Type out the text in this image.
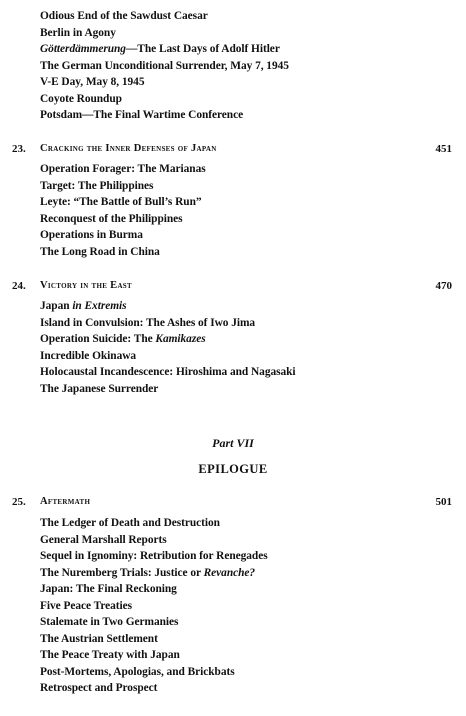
Odious End of the Sawdust Caesar
Berlin in Agony
Götterdämmerung—The Last Days of Adolf Hitler
The German Unconditional Surrender, May 7, 1945
V-E Day, May 8, 1945
Coyote Roundup
Potsdam—The Final Wartime Conference
23. Cracking the Inner Defenses of Japan	451
Operation Forager: The Marianas
Target: The Philippines
Leyte: “The Battle of Bull’s Run”
Reconquest of the Philippines
Operations in Burma
The Long Road in China
24. Victory in the East	470
Japan in Extremis
Island in Convulsion: The Ashes of Iwo Jima
Operation Suicide: The Kamikazes
Incredible Okinawa
Holocaustal Incandescence: Hiroshima and Nagasaki
The Japanese Surrender
Part VII
EPILOGUE
25. Aftermath	501
The Ledger of Death and Destruction
General Marshall Reports
Sequel in Ignominy: Retribution for Renegades
The Nuremberg Trials: Justice or Revanche?
Japan: The Final Reckoning
Five Peace Treaties
Stalemate in Two Germanies
The Austrian Settlement
The Peace Treaty with Japan
Post-Mortems, Apologias, and Brickbats
Retrospect and Prospect
